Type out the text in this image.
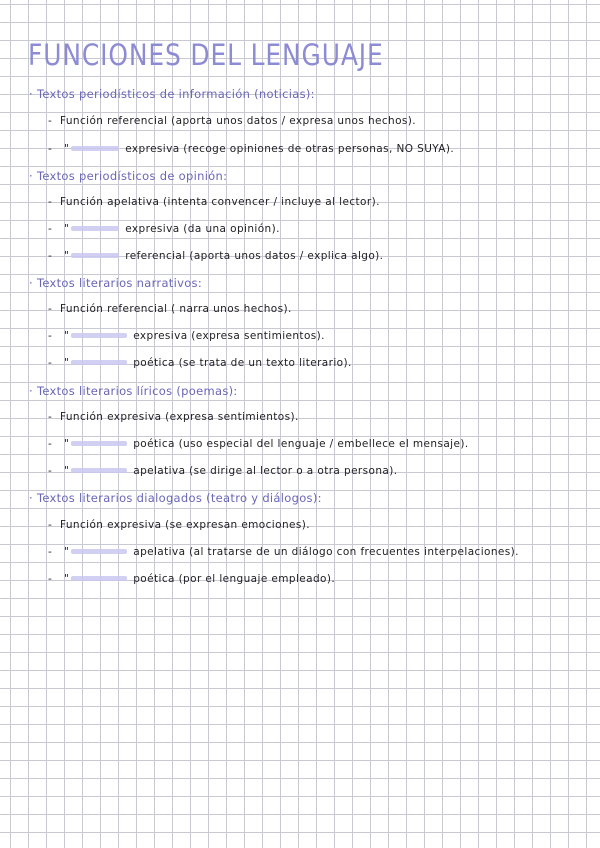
FUNCIONES DEL LENGUAJE
· Textos periodísticos de información (noticias):
- Función referencial (aporta unos datos / expresa unos hechos).
- "	expresiva (recoge opiniones de otras personas, NO SUYA).
· Textos periodísticos de opinión:
- Función apelativa (intenta convencer / incluye al lector).
- "	expresiva (da una opinión).
- "	referencial (aporta unos datos / explica algo).
· Textos literarios narrativos:
- Función referencial ( narra unos hechos).
- "	expresiva (expresa sentimientos).
- "	poética (se trata de un texto literario).
· Textos literarios líricos (poemas):
- Función expresiva (expresa sentimientos).
- "	poética (uso especial del lenguaje / embellece el mensaje).
- "	apelativa (se dirige al lector o a otra persona).
· Textos literarios dialogados (teatro y diálogos):
- Función expresiva (se expresan emociones).
- "	apelativa (al tratarse de un diálogo con frecuentes interpelaciones).
- "	poética (por el lenguaje empleado).
